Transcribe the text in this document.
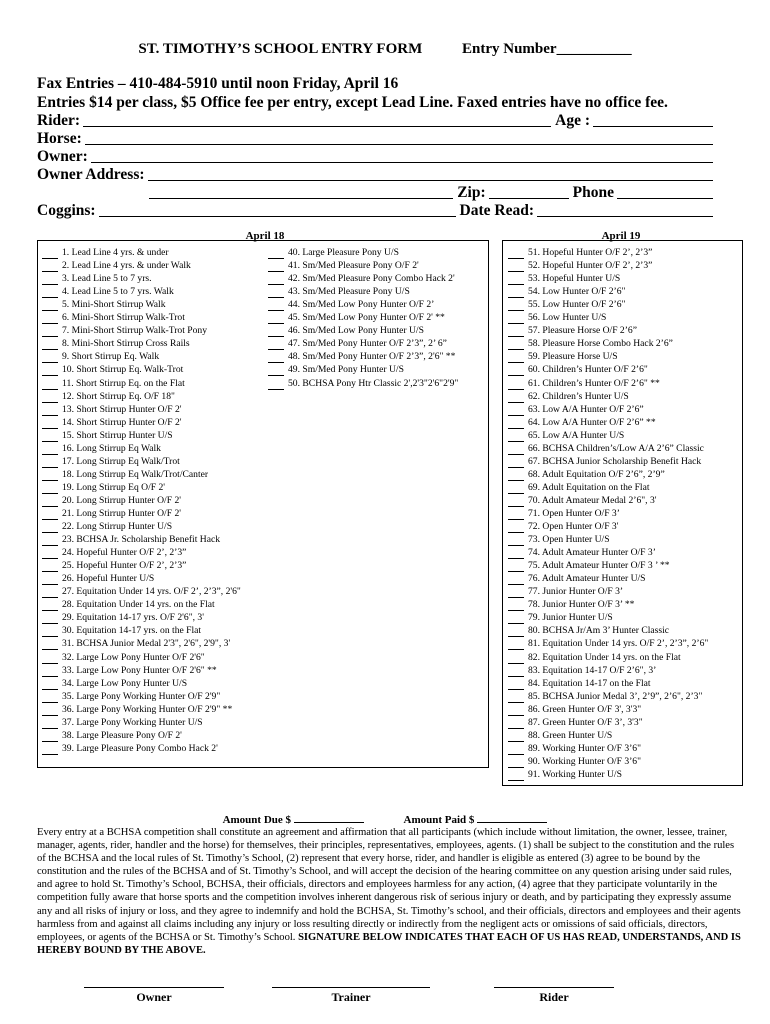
ST. TIMOTHY’S SCHOOL ENTRY FORM	Entry Number__________
Fax Entries – 410-484-5910 until noon Friday, April 16
Entries $14 per class, $5 Office fee per entry, except Lead Line. Faxed entries have no office fee.
Rider:	Age :
Horse:
Owner:
Owner Address:
Zip:	Phone
Coggins:	Date Read:
April 18
1. Lead Line 4 yrs. & under
2. Lead Line 4 yrs. & under Walk
3. Lead Line 5 to 7 yrs.
4. Lead Line 5 to 7 yrs. Walk
5. Mini-Short Stirrup Walk
6. Mini-Short Stirrup Walk-Trot
7. Mini-Short Stirrup Walk-Trot Pony
8. Mini-Short Stirrup Cross Rails
9. Short Stirrup Eq. Walk
10. Short Stirrup Eq. Walk-Trot
11. Short Stirrup Eq. on the Flat
12. Short Stirrup Eq. O/F 18"
13. Short Stirrup Hunter O/F 2'
14. Short Stirrup Hunter O/F 2'
15. Short Stirrup Hunter U/S
16. Long Stirrup Eq Walk
17. Long Stirrup Eq Walk/Trot
18. Long Stirrup Eq Walk/Trot/Canter
19. Long Stirrup Eq O/F 2'
20. Long Stirrup Hunter O/F 2'
21. Long Stirrup Hunter O/F 2'
22. Long Stirrup Hunter U/S
23. BCHSA Jr. Scholarship Benefit Hack
24. Hopeful Hunter O/F 2’, 2’3”
25. Hopeful Hunter O/F 2’, 2’3”
26. Hopeful Hunter U/S
27. Equitation Under 14 yrs. O/F 2’, 2’3”, 2'6"
28. Equitation Under 14 yrs. on the Flat
29. Equitation 14-17 yrs. O/F 2'6", 3'
30. Equitation 14-17 yrs. on the Flat
31. BCHSA Junior Medal 2'3", 2'6", 2'9", 3'
32. Large Low Pony Hunter O/F 2'6"
33. Large Low Pony Hunter O/F 2'6" **
34. Large Low Pony Hunter U/S
35. Large Pony Working Hunter O/F 2'9"
36. Large Pony Working Hunter O/F 2'9" **
37. Large Pony Working Hunter U/S
38. Large Pleasure Pony O/F 2'
39. Large Pleasure Pony Combo Hack 2'
40. Large Pleasure Pony U/S
41. Sm/Med Pleasure Pony O/F 2'
42. Sm/Med Pleasure Pony Combo Hack 2'
43. Sm/Med Pleasure Pony U/S
44. Sm/Med Low Pony Hunter O/F 2’
45. Sm/Med Low Pony Hunter O/F 2' **
46. Sm/Med Low Pony Hunter U/S
47. Sm/Med Pony Hunter O/F 2’3”, 2’ 6”
48. Sm/Med Pony Hunter O/F 2’3”, 2'6" **
49. Sm/Med Pony Hunter U/S
50. BCHSA Pony Htr Classic 2',2'3"2'6"2'9"
April 19
51. Hopeful Hunter O/F 2’, 2’3”
52. Hopeful Hunter O/F 2’, 2’3”
53. Hopeful Hunter U/S
54. Low Hunter O/F 2’6"
55. Low Hunter O/F 2’6"
56. Low Hunter U/S
57. Pleasure Horse O/F 2’6”
58. Pleasure Horse Combo Hack 2’6”
59. Pleasure Horse U/S
60. Children’s Hunter O/F 2’6"
61. Children’s Hunter O/F 2’6" **
62. Children’s Hunter U/S
63. Low A/A Hunter O/F 2’6”
64. Low A/A Hunter O/F 2’6” **
65. Low A/A Hunter U/S
66. BCHSA Children’s/Low A/A 2’6” Classic
67. BCHSA Junior Scholarship Benefit Hack
68. Adult Equitation O/F 2’6”, 2’9”
69. Adult Equitation on the Flat
70. Adult Amateur Medal 2’6", 3'
71. Open Hunter O/F 3’
72. Open Hunter O/F 3'
73. Open Hunter U/S
74. Adult Amateur Hunter O/F 3’
75. Adult Amateur Hunter O/F 3 ’ **
76. Adult Amateur Hunter U/S
77. Junior Hunter O/F 3’
78. Junior Hunter O/F 3’ **
79. Junior Hunter U/S
80. BCHSA Jr/Am 3’ Hunter Classic
81. Equitation Under 14 yrs. O/F 2’, 2’3”, 2’6"
82. Equitation Under 14 yrs. on the Flat
83. Equitation 14-17 O/F 2’6", 3’
84. Equitation 14-17 on the Flat
85. BCHSA Junior Medal 3’, 2’9”, 2’6", 2’3"
86. Green Hunter O/F 3', 3'3"
87. Green Hunter O/F 3’, 3'3"
88. Green Hunter U/S
89. Working Hunter O/F 3’6"
90. Working Hunter O/F 3’6"
91. Working Hunter U/S
Amount Due $	Amount Paid $
Every entry at a BCHSA competition shall constitute an agreement and affirmation that all participants (which include without limitation, the owner, lessee, trainer, manager, agents, rider, handler and the horse) for themselves, their principles, representatives, employees, agents. (1) shall be subject to the constitution and the rules of the BCHSA and the local rules of St. Timothy’s School, (2) represent that every horse, rider, and handler is eligible as entered (3) agree to be bound by the constitution and the rules of the BCHSA and of St. Timothy’s School, and will accept the decision of the hearing committee on any question arising under said rules, and agree to hold St. Timothy’s School, BCHSA, their officials, directors and employees harmless for any action, (4) agree that they participate voluntarily in the competition fully aware that horse sports and the competition involves inherent dangerous risk of serious injury or death, and by participating they expressly assume any and all risks of injury or loss, and they agree to indemnify and hold the BCHSA, St. Timothy’s school, and their officials, directors and employees and their agents harmless from and against all claims including any injury or loss resulting directly or indirectly from the negligent acts or omissions of said officials, directors, employees, or agents of the BCHSA or St. Timothy’s School. SIGNATURE BELOW INDICATES THAT EACH OF US HAS READ, UNDERSTANDS, AND IS HEREBY BOUND BY THE ABOVE.
Owner	Trainer	Rider
